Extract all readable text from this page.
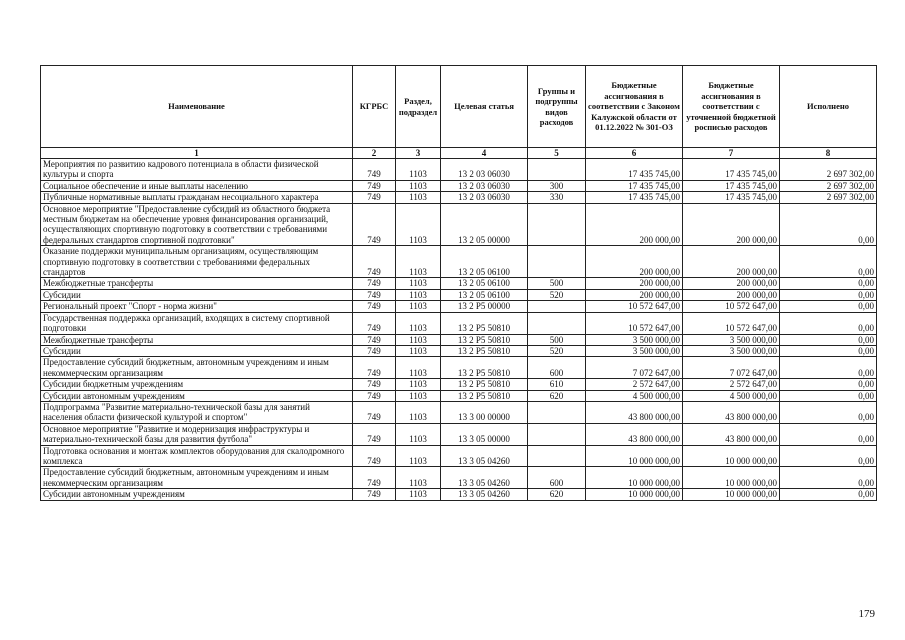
Наименование	КГРБС	Раздел, подраздел	Целевая статья	Группы и подгруппы видов расходов	Бюджетные ассигнования в соответствии с Законом Калужской области от 01.12.2022 № 301-ОЗ	Бюджетные ассигнования в соответствии с уточненной бюджетной росписью расходов	Исполнено
1	2	3	4	5	6	7	8
Мероприятия по развитию кадрового потенциала в области физической культуры и спорта	749	1103	13 2 03 06030		17 435 745,00	17 435 745,00	2 697 302,00
Социальное обеспечение и иные выплаты населению	749	1103	13 2 03 06030	300	17 435 745,00	17 435 745,00	2 697 302,00
Публичные нормативные выплаты гражданам несоциального характера	749	1103	13 2 03 06030	330	17 435 745,00	17 435 745,00	2 697 302,00
Основное мероприятие "Предоставление субсидий из областного бюджета местным бюджетам на обеспечение уровня финансирования организаций, осуществляющих спортивную подготовку в соответствии с требованиями федеральных стандартов спортивной подготовки"	749	1103	13 2 05 00000		200 000,00	200 000,00	0,00
Оказание поддержки муниципальным организациям, осуществляющим спортивную подготовку в соответствии с требованиями федеральных стандартов	749	1103	13 2 05 06100		200 000,00	200 000,00	0,00
Межбюджетные трансферты	749	1103	13 2 05 06100	500	200 000,00	200 000,00	0,00
Субсидии	749	1103	13 2 05 06100	520	200 000,00	200 000,00	0,00
Региональный проект "Спорт - норма жизни"	749	1103	13 2 P5 00000		10 572 647,00	10 572 647,00	0,00
Государственная поддержка организаций, входящих в систему спортивной подготовки	749	1103	13 2 P5 50810		10 572 647,00	10 572 647,00	0,00
Межбюджетные трансферты	749	1103	13 2 P5 50810	500	3 500 000,00	3 500 000,00	0,00
Субсидии	749	1103	13 2 P5 50810	520	3 500 000,00	3 500 000,00	0,00
Предоставление субсидий бюджетным, автономным учреждениям и иным некоммерческим организациям	749	1103	13 2 P5 50810	600	7 072 647,00	7 072 647,00	0,00
Субсидии бюджетным учреждениям	749	1103	13 2 P5 50810	610	2 572 647,00	2 572 647,00	0,00
Субсидии автономным учреждениям	749	1103	13 2 P5 50810	620	4 500 000,00	4 500 000,00	0,00
Подпрограмма "Развитие материально-технической базы для занятий населения области физической культурой и спортом"	749	1103	13 3 00 00000		43 800 000,00	43 800 000,00	0,00
Основное мероприятие "Развитие и модернизация инфраструктуры и материально-технической базы для развития футбола"	749	1103	13 3 05 00000		43 800 000,00	43 800 000,00	0,00
Подготовка основания и монтаж комплектов оборудования для скалодромного комплекса	749	1103	13 3 05 04260		10 000 000,00	10 000 000,00	0,00
Предоставление субсидий бюджетным, автономным учреждениям и иным некоммерческим организациям	749	1103	13 3 05 04260	600	10 000 000,00	10 000 000,00	0,00
Субсидии автономным учреждениям	749	1103	13 3 05 04260	620	10 000 000,00	10 000 000,00	0,00
179
